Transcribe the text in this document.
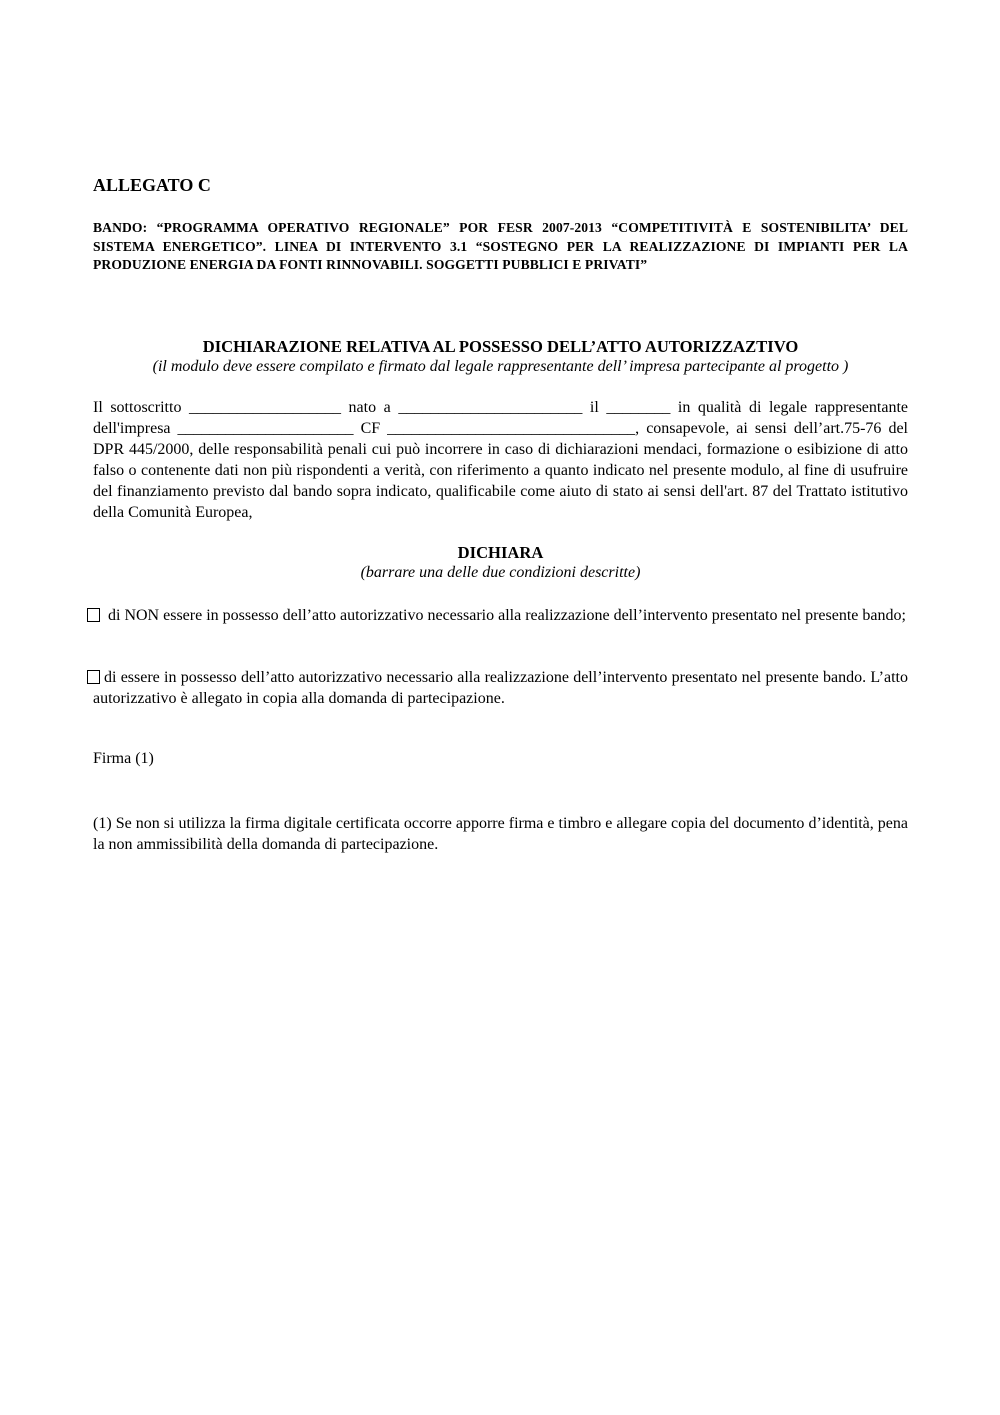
ALLEGATO C

BANDO: “PROGRAMMA OPERATIVO REGIONALE” POR FESR 2007-2013 “COMPETITIVITÀ E SOSTENIBILITA’ DEL SISTEMA ENERGETICO”. LINEA DI INTERVENTO 3.1 “SOSTEGNO PER LA REALIZZAZIONE DI IMPIANTI PER LA PRODUZIONE ENERGIA DA FONTI RINNOVABILI. SOGGETTI PUBBLICI E PRIVATI”

DICHIARAZIONE RELATIVA AL POSSESSO DELL’ATTO AUTORIZZAZTIVO

(il modulo deve essere compilato e firmato dal legale rappresentante dell’ impresa partecipante al progetto )

Il sottoscritto ___________________ nato a _______________________ il ________ in qualità di legale rappresentante dell'impresa ______________________ CF _______________________________, consapevole, ai sensi dell’art.75-76 del DPR 445/2000, delle responsabilità penali cui può incorrere in caso di dichiarazioni mendaci, formazione o esibizione di atto falso o contenente dati non più rispondenti a verità, con riferimento a quanto indicato nel presente modulo, al fine di usufruire del finanziamento previsto dal bando sopra indicato, qualificabile come aiuto di stato ai sensi dell'art. 87 del Trattato istitutivo della Comunità Europea,

DICHIARA

(barrare una delle due condizioni descritte)

di NON essere in possesso dell’atto autorizzativo necessario alla realizzazione dell’intervento presentato nel presente bando;

di essere in possesso dell’atto autorizzativo necessario alla realizzazione dell’intervento presentato nel presente bando. L’atto autorizzativo è allegato in copia alla domanda di partecipazione.

Firma (1)

(1) Se non si utilizza la firma digitale certificata occorre apporre firma e timbro e allegare copia del documento d’identità, pena la non ammissibilità della domanda di partecipazione.
